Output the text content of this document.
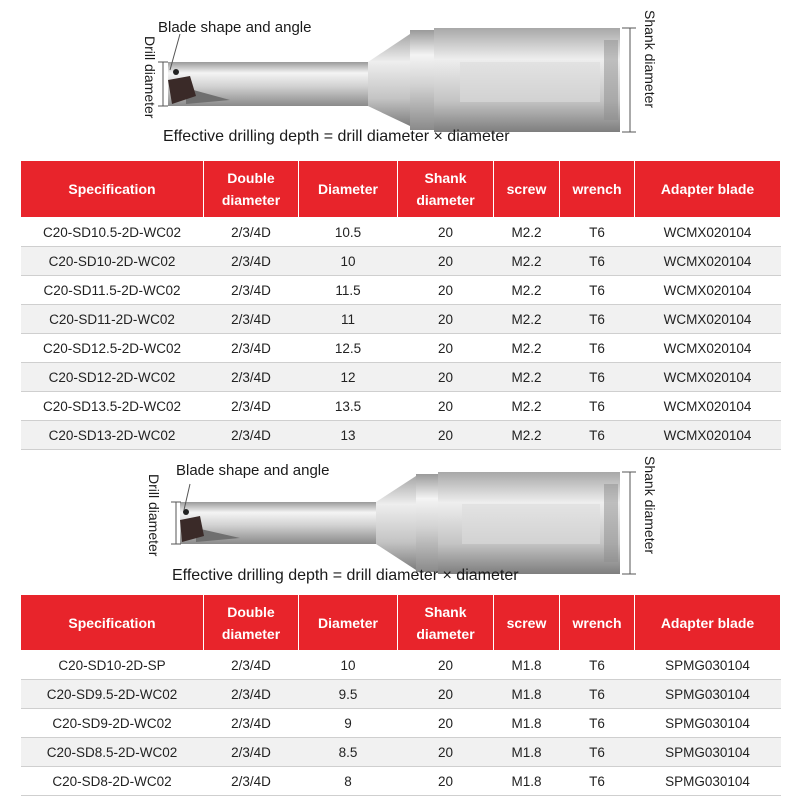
Blade shape and angle
Drill diameter	Shank diameter
Effective drilling depth = drill diameter × diameter
Specification	Double diameter	Diameter	Shank diameter	screw	wrench	Adapter blade
C20-SD10.5-2D-WC02	2/3/4D	10.5	20	M2.2	T6	WCMX020104
C20-SD10-2D-WC02	2/3/4D	10	20	M2.2	T6	WCMX020104
C20-SD11.5-2D-WC02	2/3/4D	11.5	20	M2.2	T6	WCMX020104
C20-SD11-2D-WC02	2/3/4D	11	20	M2.2	T6	WCMX020104
C20-SD12.5-2D-WC02	2/3/4D	12.5	20	M2.2	T6	WCMX020104
C20-SD12-2D-WC02	2/3/4D	12	20	M2.2	T6	WCMX020104
C20-SD13.5-2D-WC02	2/3/4D	13.5	20	M2.2	T6	WCMX020104
C20-SD13-2D-WC02	2/3/4D	13	20	M2.2	T6	WCMX020104
Blade shape and angle
Drill diameter	Shank diameter
Effective drilling depth = drill diameter × diameter
Specification	Double diameter	Diameter	Shank diameter	screw	wrench	Adapter blade
C20-SD10-2D-SP	2/3/4D	10	20	M1.8	T6	SPMG030104
C20-SD9.5-2D-WC02	2/3/4D	9.5	20	M1.8	T6	SPMG030104
C20-SD9-2D-WC02	2/3/4D	9	20	M1.8	T6	SPMG030104
C20-SD8.5-2D-WC02	2/3/4D	8.5	20	M1.8	T6	SPMG030104
C20-SD8-2D-WC02	2/3/4D	8	20	M1.8	T6	SPMG030104
